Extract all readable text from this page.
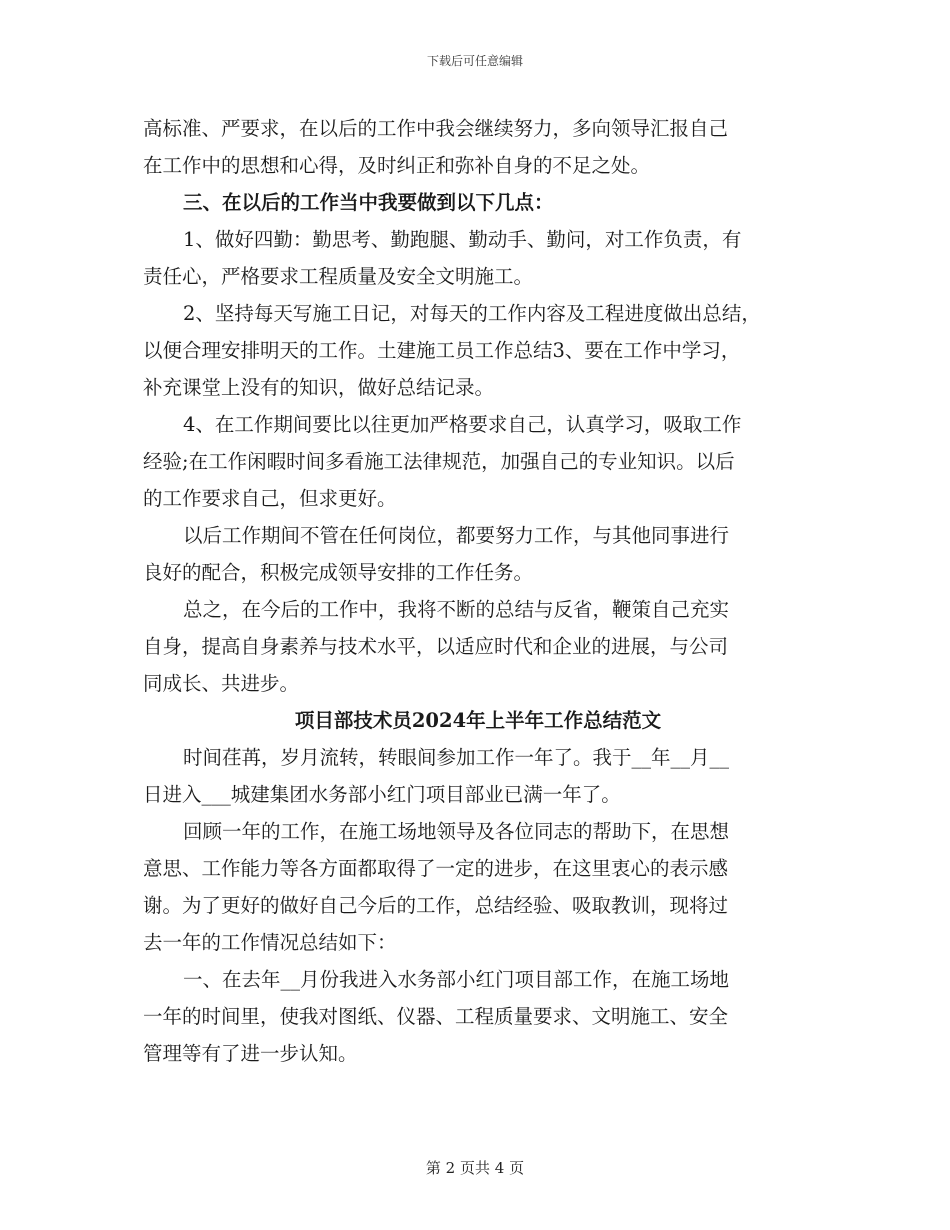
下载后可任意编辑
高标准、严要求，在以后的工作中我会继续努力，多向领导汇报自己
在工作中的思想和心得，及时纠正和弥补自身的不足之处。
三、在以后的工作当中我要做到以下几点：
1、做好四勤：勤思考、勤跑腿、勤动手、勤问，对工作负责，有
责任心，严格要求工程质量及安全文明施工。
2、坚持每天写施工日记，对每天的工作内容及工程进度做出总结，
以便合理安排明天的工作。土建施工员工作总结3、要在工作中学习，
补充课堂上没有的知识，做好总结记录。
4、在工作期间要比以往更加严格要求自己，认真学习，吸取工作
经验;在工作闲暇时间多看施工法律规范，加强自己的专业知识。以后
的工作要求自己，但求更好。
以后工作期间不管在任何岗位，都要努力工作，与其他同事进行
良好的配合，积极完成领导安排的工作任务。
总之，在今后的工作中，我将不断的总结与反省，鞭策自己充实
自身，提高自身素养与技术水平，以适应时代和企业的进展，与公司
同成长、共进步。
项目部技术员2024年上半年工作总结范文
时间荏苒，岁月流转，转眼间参加工作一年了。我于__年__月__
日进入___城建集团水务部小红门项目部业已满一年了。
回顾一年的工作，在施工场地领导及各位同志的帮助下，在思想
意思、工作能力等各方面都取得了一定的进步，在这里衷心的表示感
谢。为了更好的做好自己今后的工作，总结经验、吸取教训，现将过
去一年的工作情况总结如下：
一、在去年__月份我进入水务部小红门项目部工作，在施工场地
一年的时间里，使我对图纸、仪器、工程质量要求、文明施工、安全
管理等有了进一步认知。
第 2 页共 4 页
